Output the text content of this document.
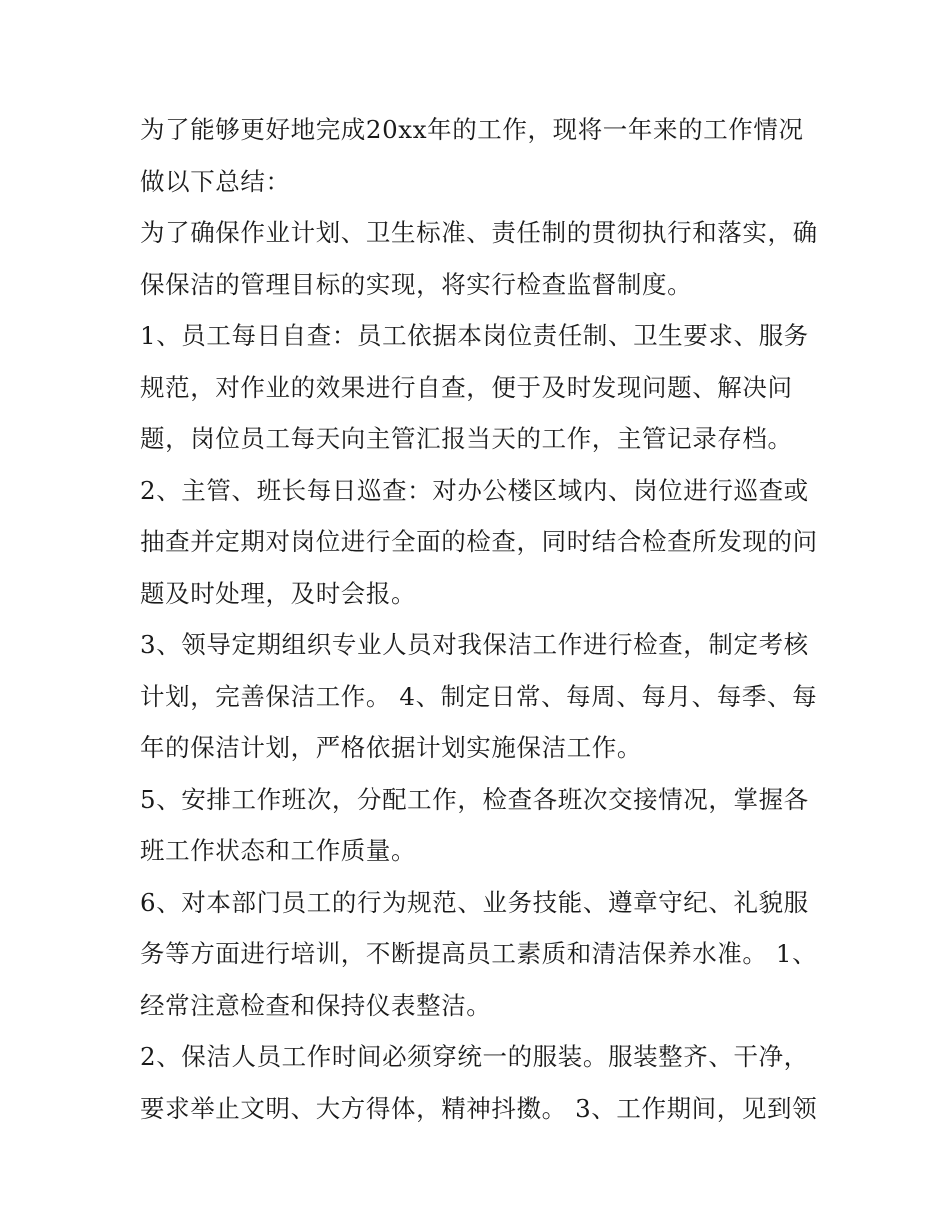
为了能够更好地完成20xx年的工作，现将一年来的工作情况做以下总结：

为了确保作业计划、卫生标准、责任制的贯彻执行和落实，确保保洁的管理目标的实现，将实行检查监督制度。

1、员工每日自查：员工依据本岗位责任制、卫生要求、服务规范，对作业的效果进行自查，便于及时发现问题、解决问题，岗位员工每天向主管汇报当天的工作，主管记录存档。

2、主管、班长每日巡查：对办公楼区域内、岗位进行巡查或抽查并定期对岗位进行全面的检查，同时结合检查所发现的问题及时处理，及时会报。

3、领导定期组织专业人员对我保洁工作进行检查，制定考核计划，完善保洁工作。 4、制定日常、每周、每月、每季、每年的保洁计划，严格依据计划实施保洁工作。

5、安排工作班次，分配工作，检查各班次交接情况，掌握各班工作状态和工作质量。

6、对本部门员工的行为规范、业务技能、遵章守纪、礼貌服务等方面进行培训，不断提高员工素质和清洁保养水准。 1、经常注意检查和保持仪表整洁。

2、保洁人员工作时间必须穿统一的服装。服装整齐、干净，要求举止文明、大方得体，精神抖擞。 3、工作期间，见到领
